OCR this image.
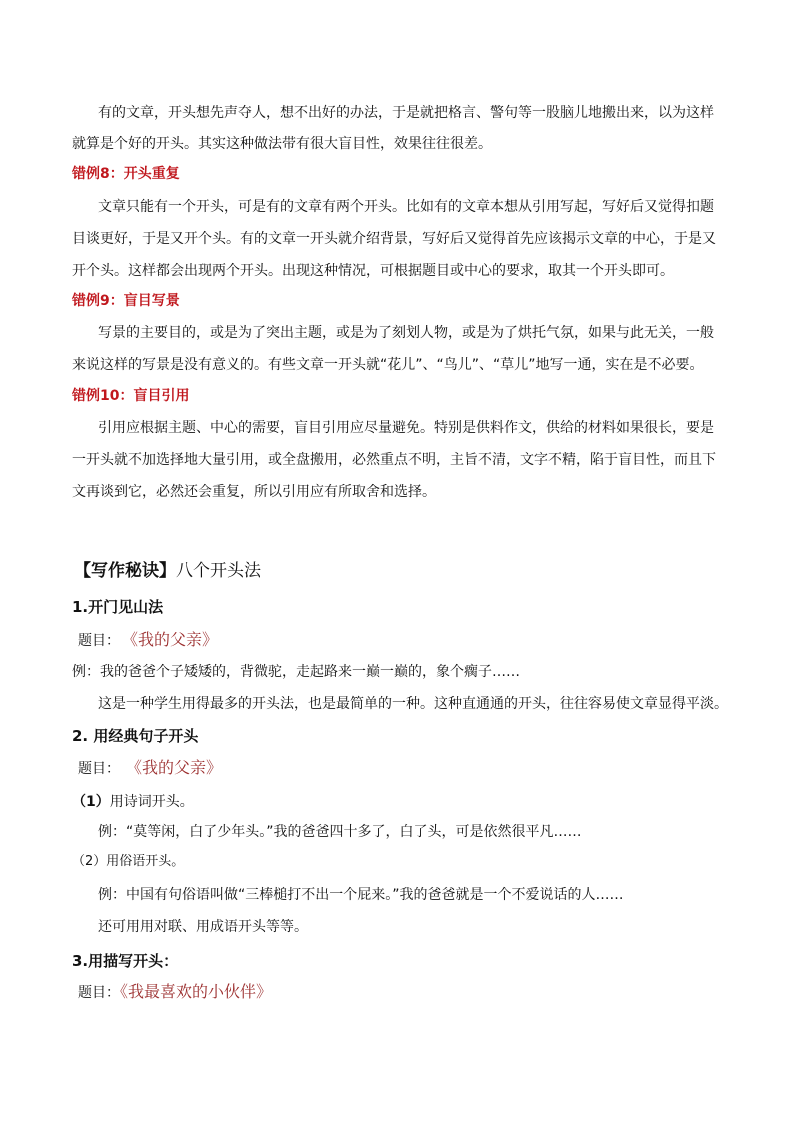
有的文章，开头想先声夺人，想不出好的办法，于是就把格言、警句等一股脑儿地搬出来，以为这样
就算是个好的开头。其实这种做法带有很大盲目性，效果往往很差。
错例8：开头重复
文章只能有一个开头，可是有的文章有两个开头。比如有的文章本想从引用写起，写好后又觉得扣题
目谈更好，于是又开个头。有的文章一开头就介绍背景，写好后又觉得首先应该揭示文章的中心，于是又
开个头。这样都会出现两个开头。出现这种情况，可根据题目或中心的要求，取其一个开头即可。
错例9：盲目写景
写景的主要目的，或是为了突出主题，或是为了刻划人物，或是为了烘托气氛，如果与此无关，一般
来说这样的写景是没有意义的。有些文章一开头就“花儿”、“鸟儿”、“草儿”地写一通，实在是不必要。
错例10：盲目引用
引用应根据主题、中心的需要，盲目引用应尽量避免。特别是供料作文，供给的材料如果很长，要是
一开头就不加选择地大量引用，或全盘搬用，必然重点不明，主旨不清，文字不精，陷于盲目性，而且下
文再谈到它，必然还会重复，所以引用应有所取舍和选择。
【写作秘诀】八个开头法
1.开门见山法
题目： 《我的父亲》
例：我的爸爸个子矮矮的，背微驼，走起路来一巅一巅的，象个瘸子……
这是一种学生用得最多的开头法，也是最简单的一种。这种直通通的开头，往往容易使文章显得平淡。
2. 用经典句子开头
题目： 《我的父亲》
（1）用诗词开头。
例：“莫等闲，白了少年头。”我的爸爸四十多了，白了头，可是依然很平凡……
（2）用俗语开头。
例：中国有句俗语叫做“三棒槌打不出一个屁来。”我的爸爸就是一个不爱说话的人……
还可用用对联、用成语开头等等。
3.用描写开头：
题目：《我最喜欢的小伙伴》
